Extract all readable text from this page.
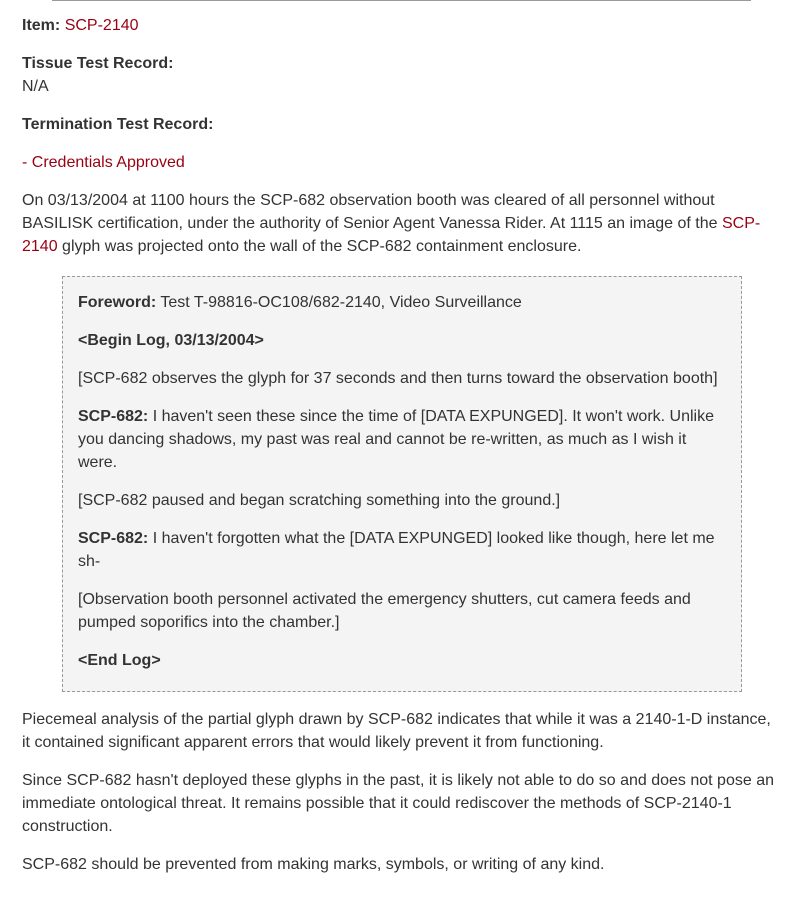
Item: SCP-2140

Tissue Test Record:
N/A

Termination Test Record:

- Credentials Approved

On 03/13/2004 at 1100 hours the SCP-682 observation booth was cleared of all personnel without BASILISK certification, under the authority of Senior Agent Vanessa Rider. At 1115 an image of the SCP-2140 glyph was projected onto the wall of the SCP-682 containment enclosure.

Foreword: Test T-98816-OC108/682-2140, Video Surveillance

<Begin Log, 03/13/2004>

[SCP-682 observes the glyph for 37 seconds and then turns toward the observation booth]

SCP-682: I haven't seen these since the time of [DATA EXPUNGED]. It won't work. Unlike you dancing shadows, my past was real and cannot be re-written, as much as I wish it were.

[SCP-682 paused and began scratching something into the ground.]

SCP-682: I haven't forgotten what the [DATA EXPUNGED] looked like though, here let me sh-

[Observation booth personnel activated the emergency shutters, cut camera feeds and pumped soporifics into the chamber.]

<End Log>

Piecemeal analysis of the partial glyph drawn by SCP-682 indicates that while it was a 2140-1-D instance, it contained significant apparent errors that would likely prevent it from functioning.

Since SCP-682 hasn't deployed these glyphs in the past, it is likely not able to do so and does not pose an immediate ontological threat. It remains possible that it could rediscover the methods of SCP-2140-1 construction.

SCP-682 should be prevented from making marks, symbols, or writing of any kind.
